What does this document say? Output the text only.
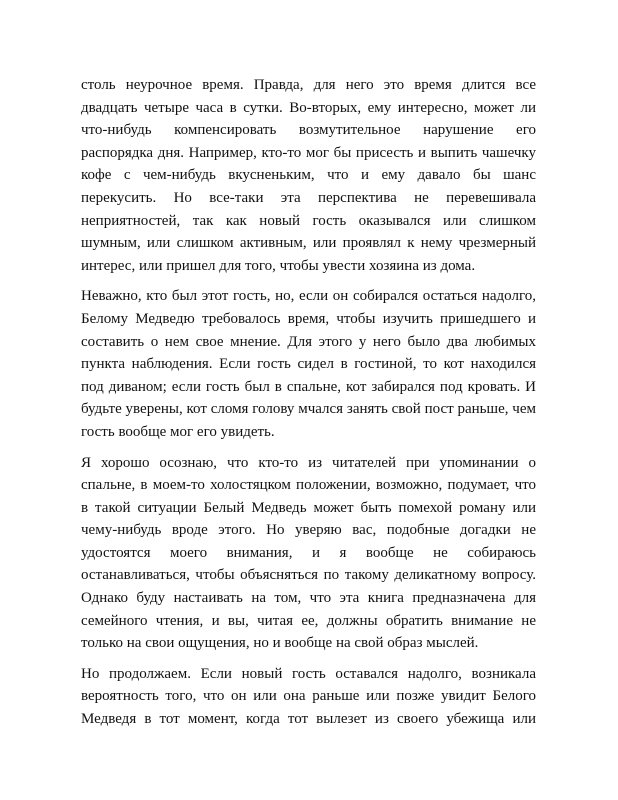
столь неурочное время. Правда, для него это время длится все двадцать четыре часа в сутки. Во-вторых, ему интересно, может ли что-нибудь компенсировать возмутительное нарушение его распорядка дня. Например, кто-то мог бы присесть и выпить чашечку кофе с чем-нибудь вкусненьким, что и ему давало бы шанс перекусить. Но все-таки эта перспектива не перевешивала неприятностей, так как новый гость оказывался или слишком шумным, или слишком активным, или проявлял к нему чрезмерный интерес, или пришел для того, чтобы увести хозяина из дома.

Неважно, кто был этот гость, но, если он собирался остаться надолго, Белому Медведю требовалось время, чтобы изучить пришедшего и составить о нем свое мнение. Для этого у него было два любимых пункта наблюдения. Если гость сидел в гостиной, то кот находился под диваном; если гость был в спальне, кот забирался под кровать. И будьте уверены, кот сломя голову мчался занять свой пост раньше, чем гость вообще мог его увидеть.

Я хорошо осознаю, что кто-то из читателей при упоминании о спальне, в моем-то холостяцком положении, возможно, подумает, что в такой ситуации Белый Медведь может быть помехой роману или чему-нибудь вроде этого. Но уверяю вас, подобные догадки не удостоятся моего внимания, и я вообще не собираюсь останавливаться, чтобы объясняться по такому деликатному вопросу. Однако буду настаивать на том, что эта книга предназначена для семейного чтения, и вы, читая ее, должны обратить внимание не только на свои ощущения, но и вообще на свой образ мыслей.

Но продолжаем. Если новый гость оставался надолго, возникала вероятность того, что он или она раньше или позже увидит Белого Медведя в тот момент, когда тот вылезет из своего убежища или
